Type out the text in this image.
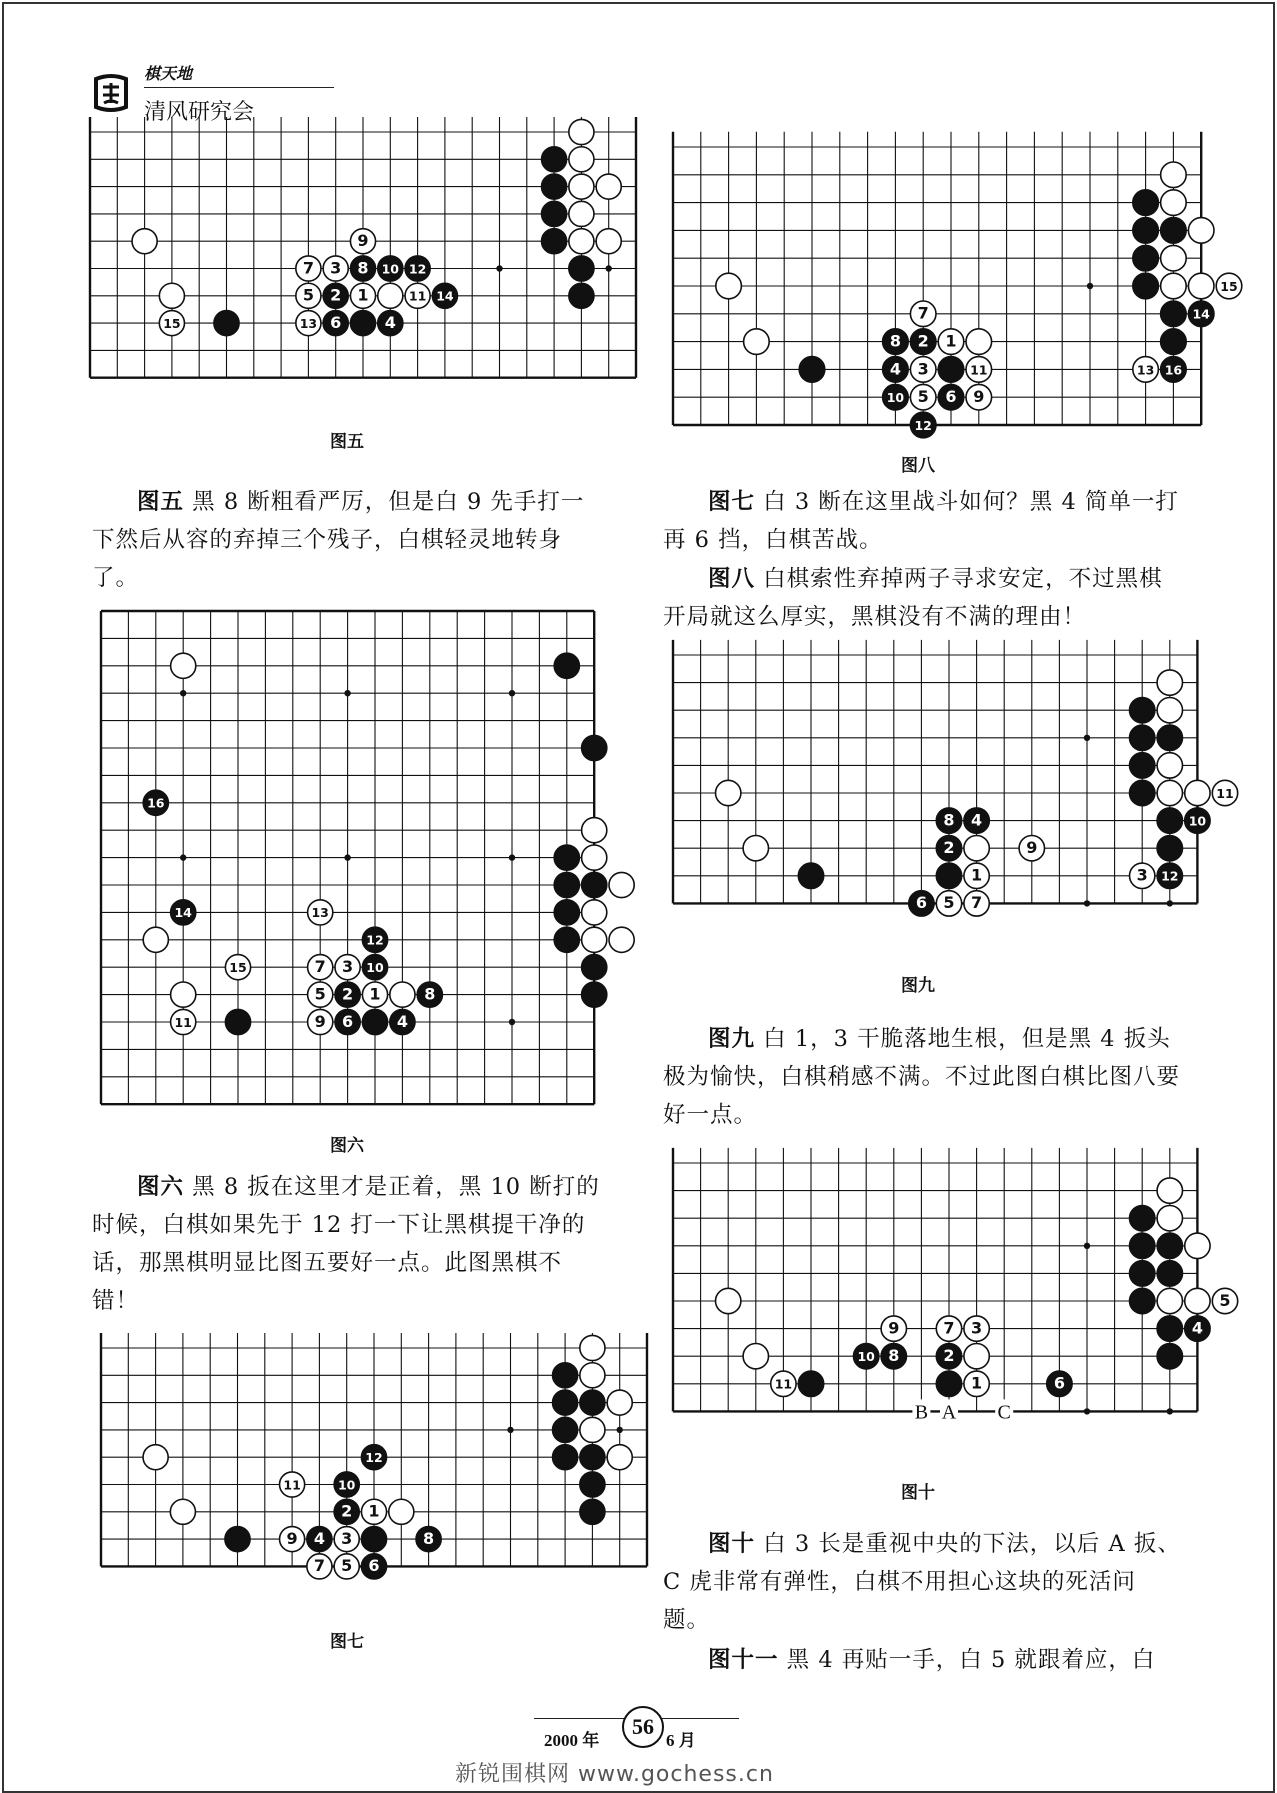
棋天地
清风研究会
9
7 3 8 10 12
5 2 1	11 14
15	13 6	4
图五
16
14	13
12
15	7 3 10
5 2 1	8
11	9 6	4
图六
12
11	10
2 1
9 4 3	8
7 5 6
图七
15
14
7
8 2 1
4 3	11	13 16
10 5 6 9
12
图八
11
10
8 4
2	9
1	3 12
6 5 7
图九
B A C
5
4
9	7 3
10 8	2
11	1	6
图十
图五 黑 8 断粗看严厉，但是白 9 先手打一下然后从容的弃掉三个残子，白棋轻灵地转身了。
图六 黑 8 扳在这里才是正着，黑 10 断打的时候，白棋如果先于 12 打一下让黑棋提干净的话，那黑棋明显比图五要好一点。此图黑棋不错！
图七 白 3 断在这里战斗如何？黑 4 简单一打再 6 挡，白棋苦战。
图八 白棋索性弃掉两子寻求安定，不过黑棋开局就这么厚实，黑棋没有不满的理由！
图九 白 1，3 干脆落地生根，但是黑 4 扳头极为愉快，白棋稍感不满。不过此图白棋比图八要好一点。
图十 白 3 长是重视中央的下法，以后 A 扳、C 虎非常有弹性，白棋不用担心这块的死活问题。
图十一 黑 4 再贴一手，白 5 就跟着应，白
2000 年
56
6 月
新锐围棋网 www.gochess.cn
